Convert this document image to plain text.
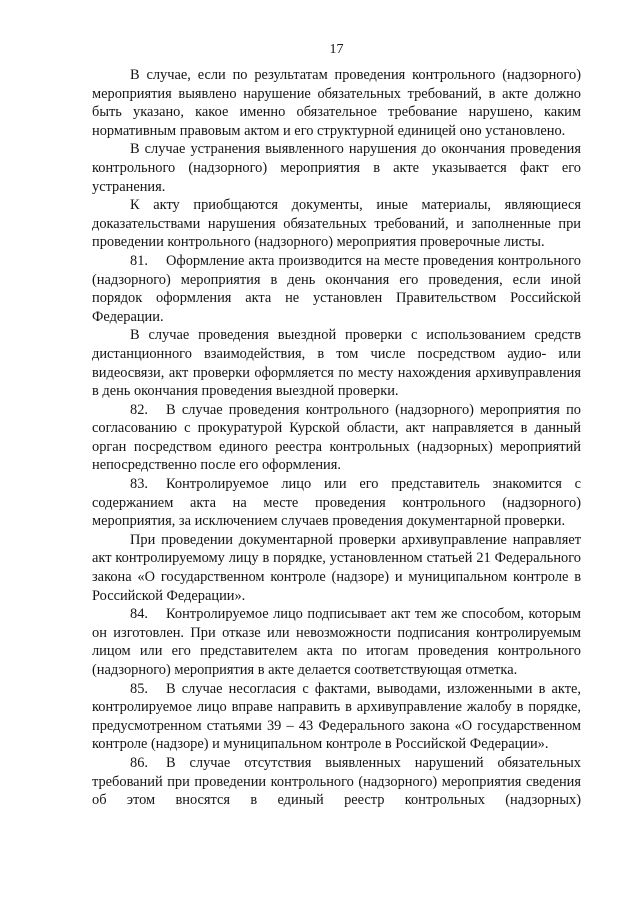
17

В случае, если по результатам проведения контрольного (надзорного) мероприятия выявлено нарушение обязательных требований, в акте должно быть указано, какое именно обязательное требование нарушено, каким нормативным правовым актом и его структурной единицей оно установлено.

В случае устранения выявленного нарушения до окончания проведения контрольного (надзорного) мероприятия в акте указывается факт его устранения.

К акту приобщаются документы, иные материалы, являющиеся доказательствами нарушения обязательных требований, и заполненные при проведении контрольного (надзорного) мероприятия проверочные листы.

81. Оформление акта производится на месте проведения контрольного (надзорного) мероприятия в день окончания его проведения, если иной порядок оформления акта не установлен Правительством Российской Федерации.

В случае проведения выездной проверки с использованием средств дистанционного взаимодействия, в том числе посредством аудио- или видеосвязи, акт проверки оформляется по месту нахождения архивуправления в день окончания проведения выездной проверки.

82. В случае проведения контрольного (надзорного) мероприятия по согласованию с прокуратурой Курской области, акт направляется в данный орган посредством единого реестра контрольных (надзорных) мероприятий непосредственно после его оформления.

83. Контролируемое лицо или его представитель знакомится с содержанием акта на месте проведения контрольного (надзорного) мероприятия, за исключением случаев проведения документарной проверки.

При проведении документарной проверки архивуправление направляет акт контролируемому лицу в порядке, установленном статьей 21 Федерального закона «О государственном контроле (надзоре) и муниципальном контроле в Российской Федерации».

84. Контролируемое лицо подписывает акт тем же способом, которым он изготовлен. При отказе или невозможности подписания контролируемым лицом или его представителем акта по итогам проведения контрольного (надзорного) мероприятия в акте делается соответствующая отметка.

85. В случае несогласия с фактами, выводами, изложенными в акте, контролируемое лицо вправе направить в архивуправление жалобу в порядке, предусмотренном статьями 39 – 43 Федерального закона «О государственном контроле (надзоре) и муниципальном контроле в Российской Федерации».

86. В случае отсутствия выявленных нарушений обязательных требований при проведении контрольного (надзорного) мероприятия сведения об этом вносятся в единый реестр контрольных (надзорных)
